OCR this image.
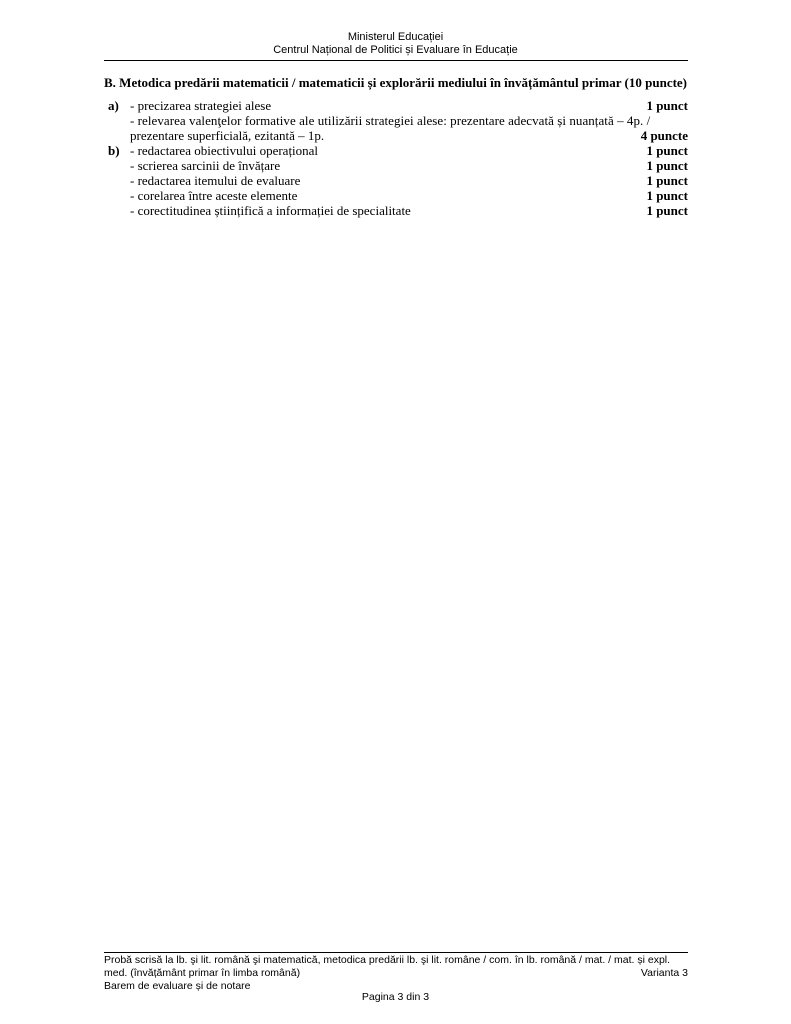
Ministerul Educației
Centrul Național de Politici și Evaluare în Educație
B. Metodica predării matematicii / matematicii și explorării mediului în învățământul primar (10 puncte)
a) - precizarea strategiei alese	1 punct
- relevarea valenţelor formative ale utilizării strategiei alese: prezentare adecvată și nuanțată – 4p. /
prezentare superficială, ezitantă – 1p.	4 puncte
b) - redactarea obiectivului operațional	1 punct
- scrierea sarcinii de învățare	1 punct
- redactarea itemului de evaluare	1 punct
- corelarea între aceste elemente	1 punct
- corectitudinea științifică a informației de specialitate	1 punct
Probă scrisă la lb. şi lit. română şi matematică, metodica predării lb. şi lit. române / com. în lb. română / mat. / mat. și expl.
med. (învățământ primar în limba română)	Varianta 3
Barem de evaluare și de notare
Pagina 3 din 3
